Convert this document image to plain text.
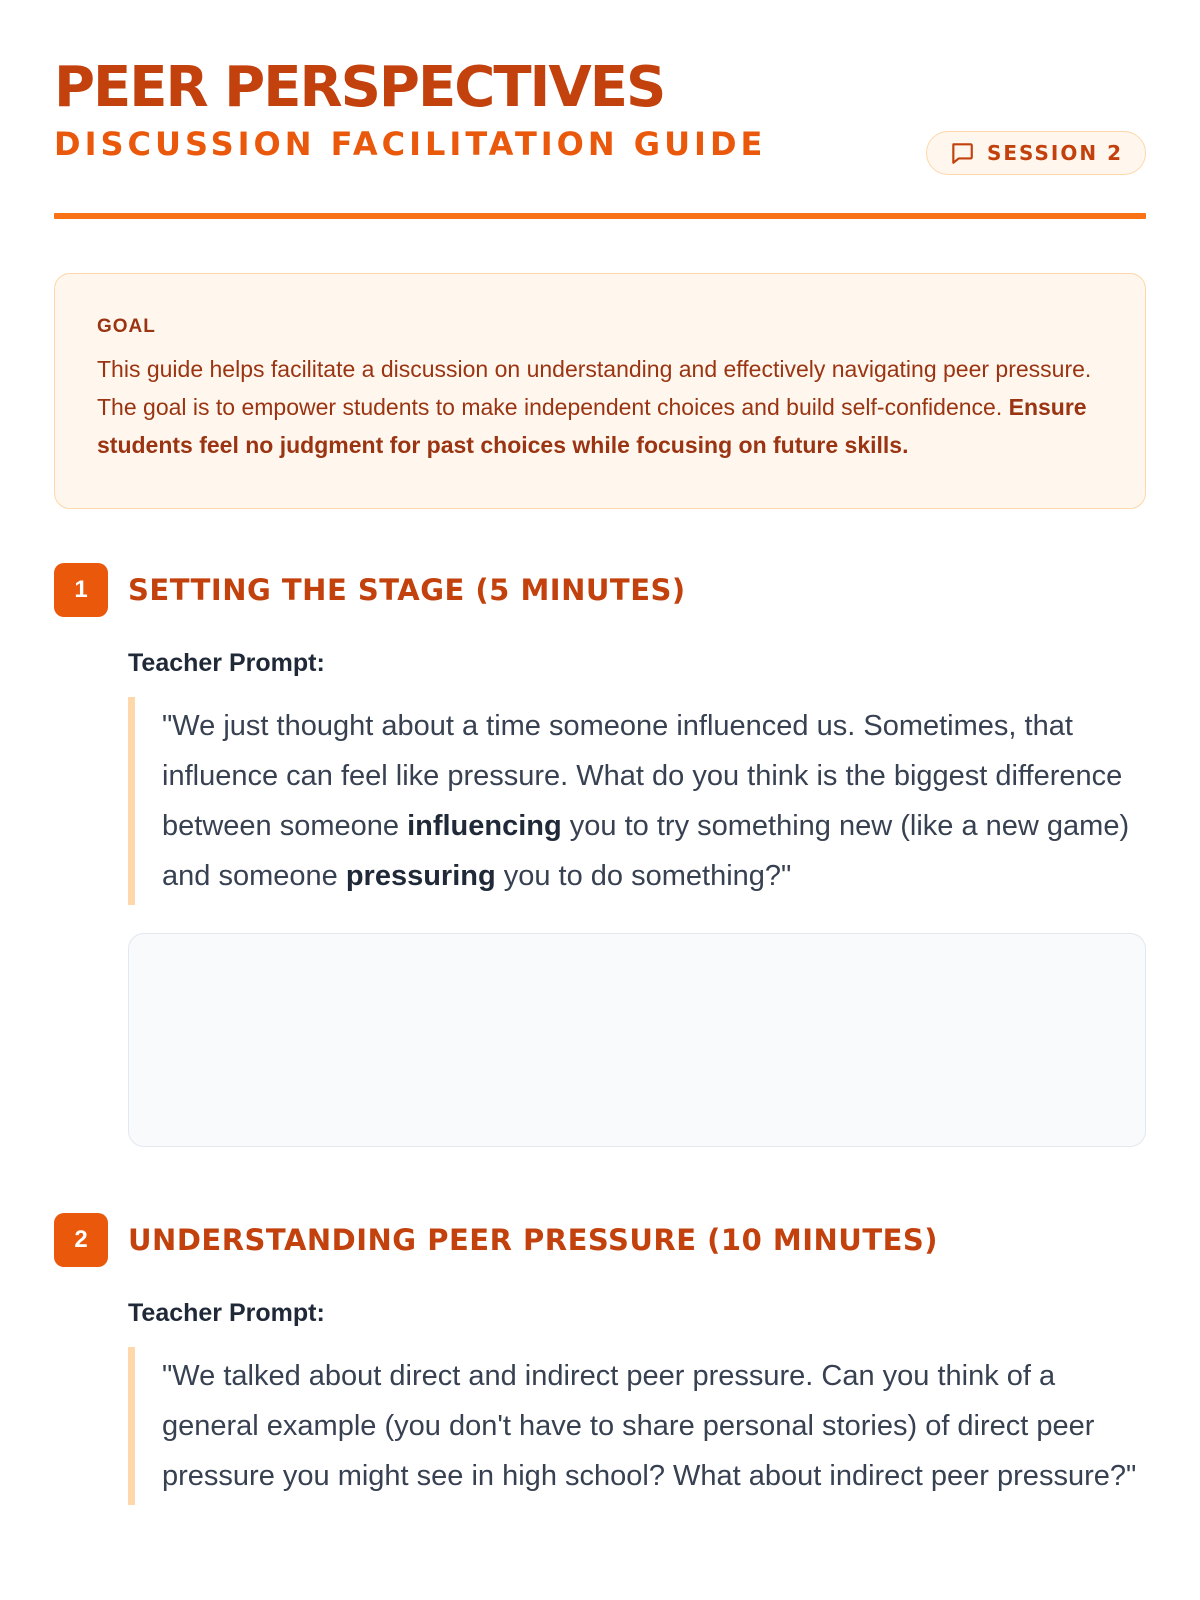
PEER PERSPECTIVES
DISCUSSION FACILITATION GUIDE	SESSION 2
GOAL
This guide helps facilitate a discussion on understanding and effectively navigating peer pressure. The goal is to empower students to make independent choices and build self-confidence. Ensure students feel no judgment for past choices while focusing on future skills.
1	SETTING THE STAGE (5 MINUTES)
Teacher Prompt:
"We just thought about a time someone influenced us. Sometimes, that influence can feel like pressure. What do you think is the biggest difference between someone influencing you to try something new (like a new game) and someone pressuring you to do something?"
2	UNDERSTANDING PEER PRESSURE (10 MINUTES)
Teacher Prompt:
"We talked about direct and indirect peer pressure. Can you think of a general example (you don't have to share personal stories) of direct peer pressure you might see in high school? What about indirect peer pressure?"
